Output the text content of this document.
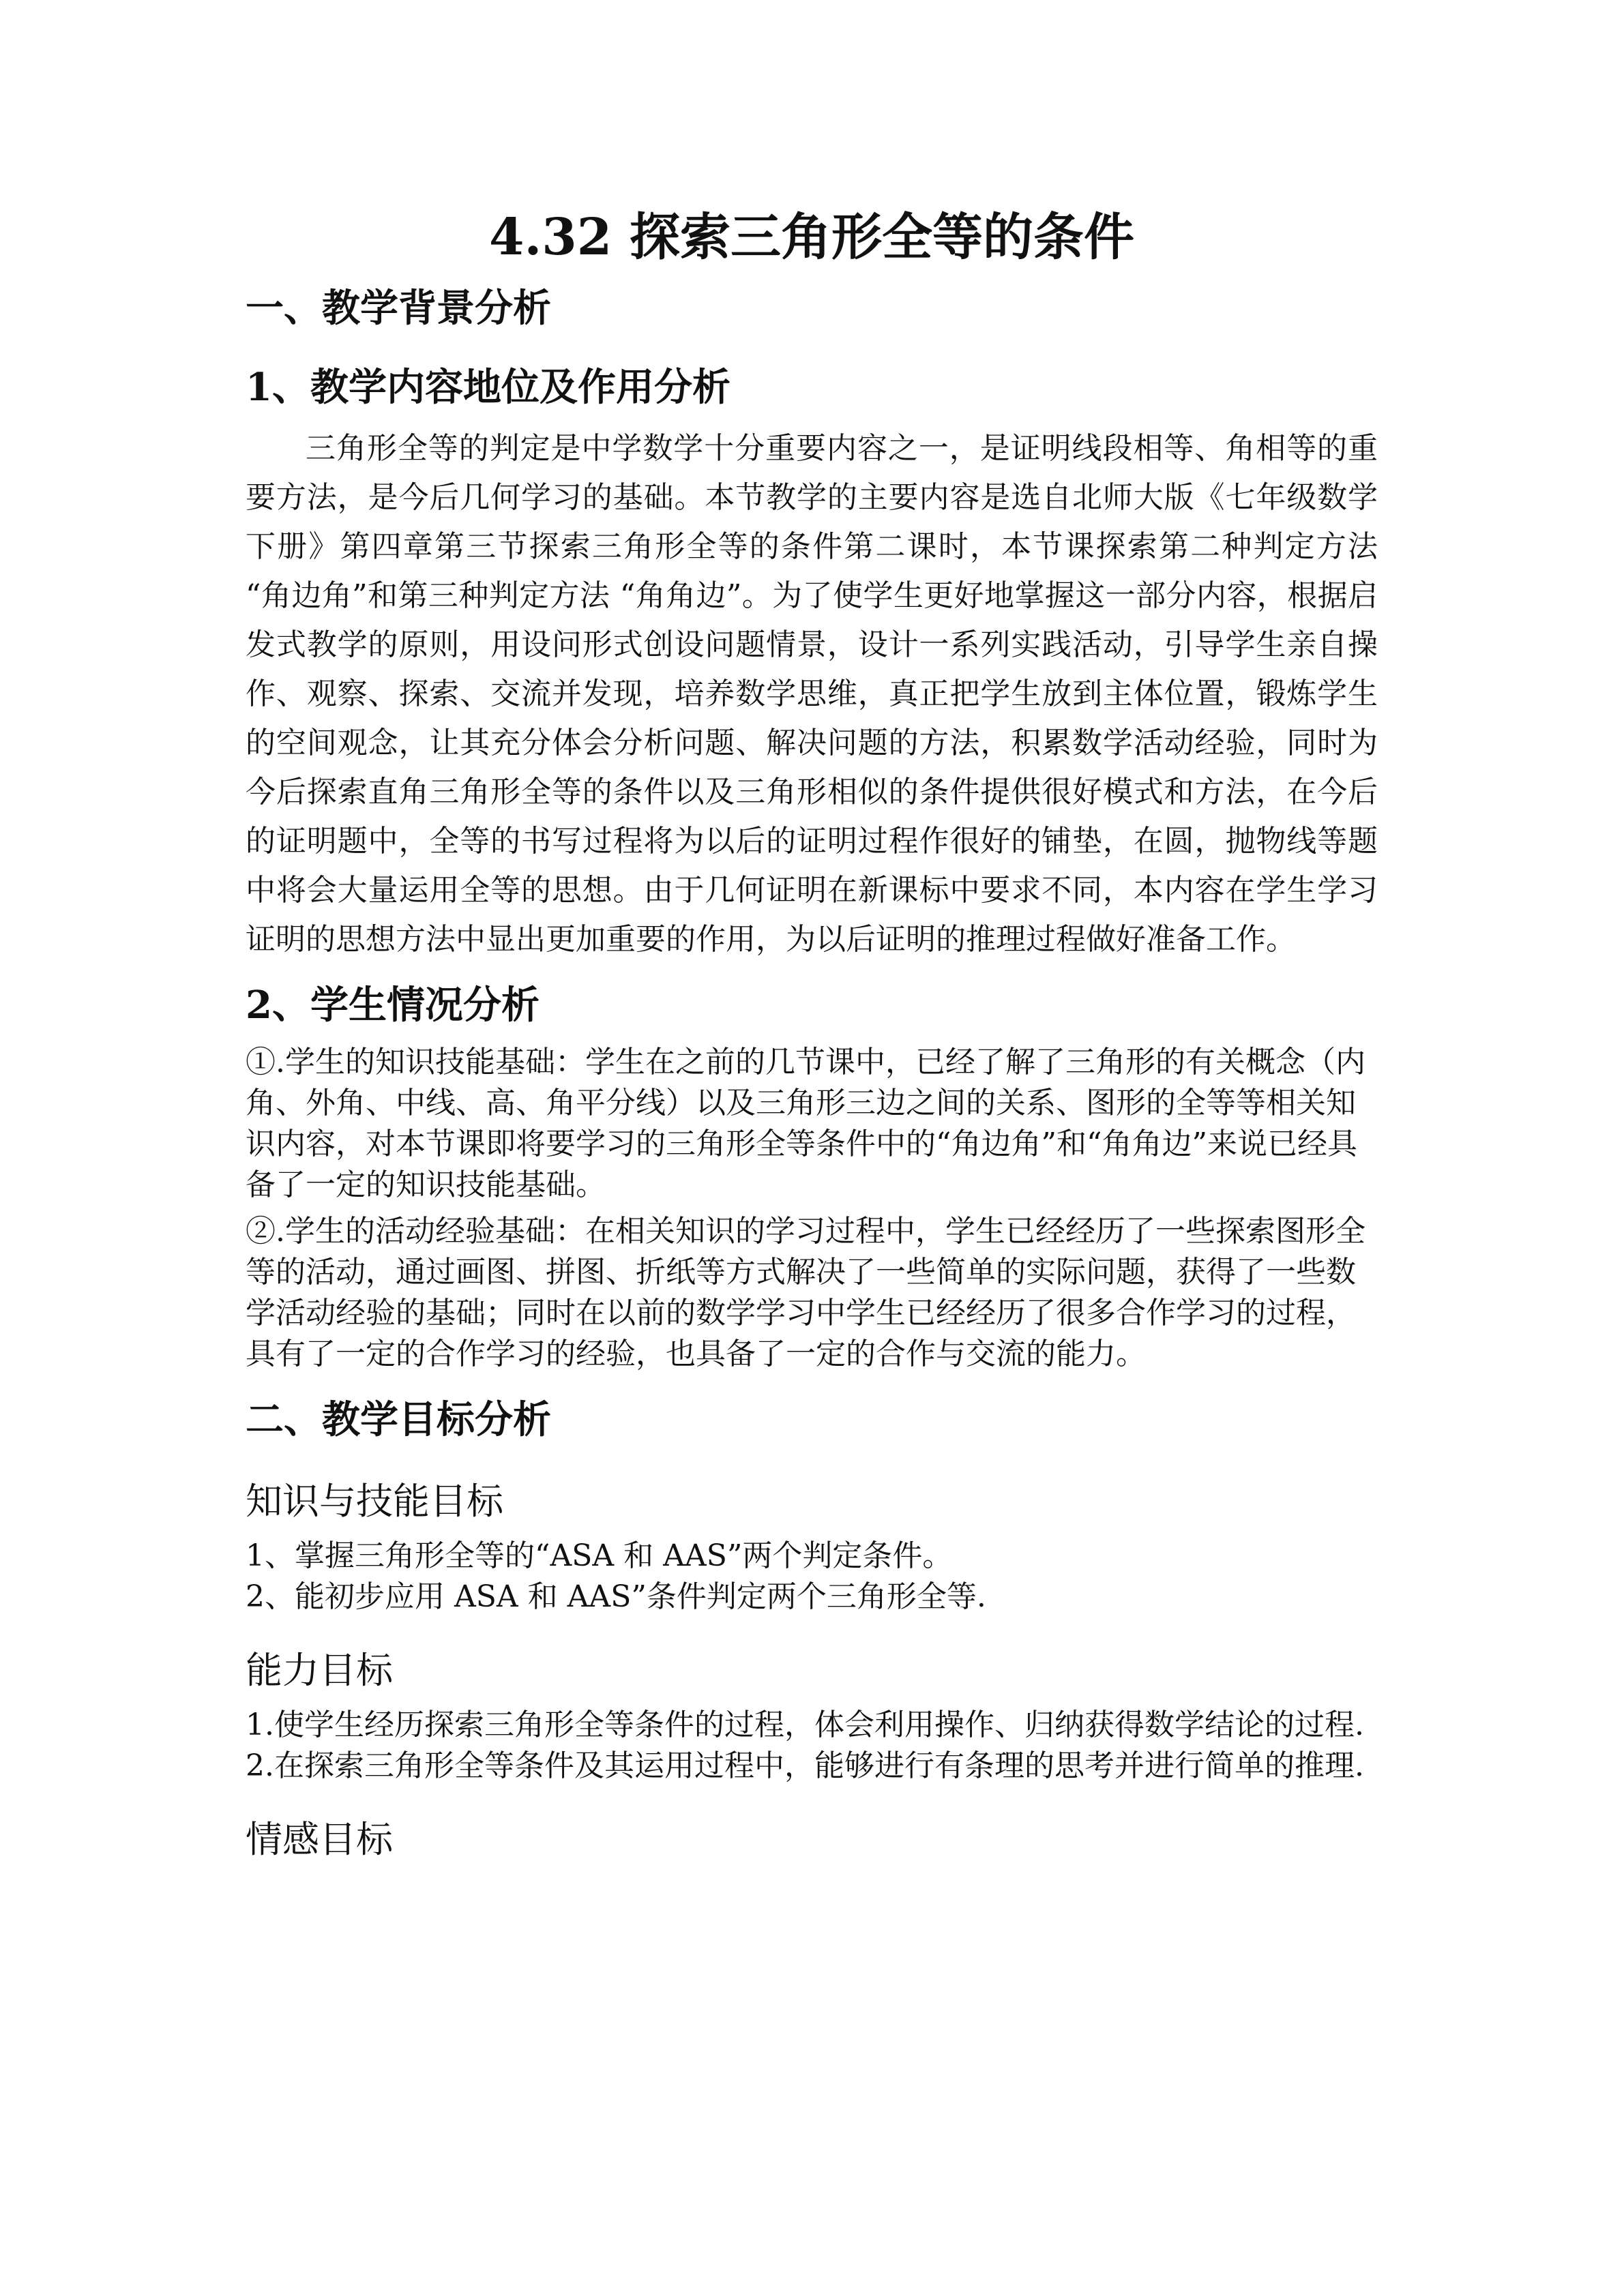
4.32 探索三角形全等的条件
一、教学背景分析
1、教学内容地位及作用分析

三角形全等的判定是中学数学十分重要内容之一，是证明线段相等、角相等的重要方法，是今后几何学习的基础。本节教学的主要内容是选自北师大版《七年级数学下册》第四章第三节探索三角形全等的条件第二课时，本节课探索第二种判定方法 “角边角”和第三种判定方法 “角角边”。为了使学生更好地掌握这一部分内容，根据启发式教学的原则，用设问形式创设问题情景，设计一系列实践活动，引导学生亲自操作、观察、探索、交流并发现，培养数学思维，真正把学生放到主体位置，锻炼学生的空间观念，让其充分体会分析问题、解决问题的方法，积累数学活动经验，同时为今后探索直角三角形全等的条件以及三角形相似的条件提供很好模式和方法，在今后的证明题中，全等的书写过程将为以后的证明过程作很好的铺垫，在圆，抛物线等题中将会大量运用全等的思想。由于几何证明在新课标中要求不同，本内容在学生学习证明的思想方法中显出更加重要的作用，为以后证明的推理过程做好准备工作。

2、学生情况分析

①.学生的知识技能基础：学生在之前的几节课中，已经了解了三角形的有关概念（内角、外角、中线、高、角平分线）以及三角形三边之间的关系、图形的全等等相关知识内容，对本节课即将要学习的三角形全等条件中的“角边角”和“角角边”来说已经具备了一定的知识技能基础。

②.学生的活动经验基础：在相关知识的学习过程中，学生已经经历了一些探索图形全等的活动，通过画图、拼图、折纸等方式解决了一些简单的实际问题，获得了一些数学活动经验的基础；同时在以前的数学学习中学生已经经历了很多合作学习的过程，具有了一定的合作学习的经验，也具备了一定的合作与交流的能力。

二、教学目标分析
知识与技能目标

1、掌握三角形全等的“ASA 和 AAS”两个判定条件。

2、能初步应用 ASA 和 AAS”条件判定两个三角形全等.

能力目标

1.使学生经历探索三角形全等条件的过程，体会利用操作、归纳获得数学结论的过程.

2.在探索三角形全等条件及其运用过程中，能够进行有条理的思考并进行简单的推理.

情感目标
